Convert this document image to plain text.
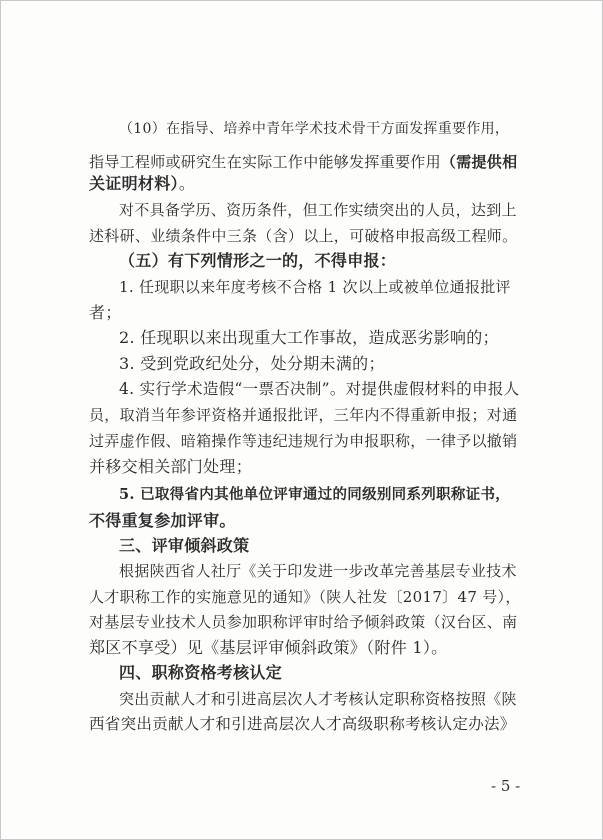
（10）在指导、培养中青年学术技术骨干方面发挥重要作用，
指导工程师或研究生在实际工作中能够发挥重要作用（需提供相
关证明材料）。
对不具备学历、资历条件，但工作实绩突出的人员，达到上
述科研、业绩条件中三条（含）以上，可破格申报高级工程师。
（五）有下列情形之一的，不得申报：
1. 任现职以来年度考核不合格 1 次以上或被单位通报批评
者；
2. 任现职以来出现重大工作事故，造成恶劣影响的；
3. 受到党政纪处分，处分期未满的；
4. 实行学术造假“一票否决制”。对提供虚假材料的申报人
员，取消当年参评资格并通报批评，三年内不得重新申报；对通
过弄虚作假、暗箱操作等违纪违规行为申报职称，一律予以撤销
并移交相关部门处理；
5. 已取得省内其他单位评审通过的同级别同系列职称证书，
不得重复参加评审。
三、评审倾斜政策
根据陕西省人社厅《关于印发进一步改革完善基层专业技术
人才职称工作的实施意见的通知》（陕人社发〔2017〕47 号），
对基层专业技术人员参加职称评审时给予倾斜政策（汉台区、南
郑区不享受）见《基层评审倾斜政策》（附件 1）。
四、职称资格考核认定
突出贡献人才和引进高层次人才考核认定职称资格按照《陕
西省突出贡献人才和引进高层次人才高级职称考核认定办法》
- 5 -
